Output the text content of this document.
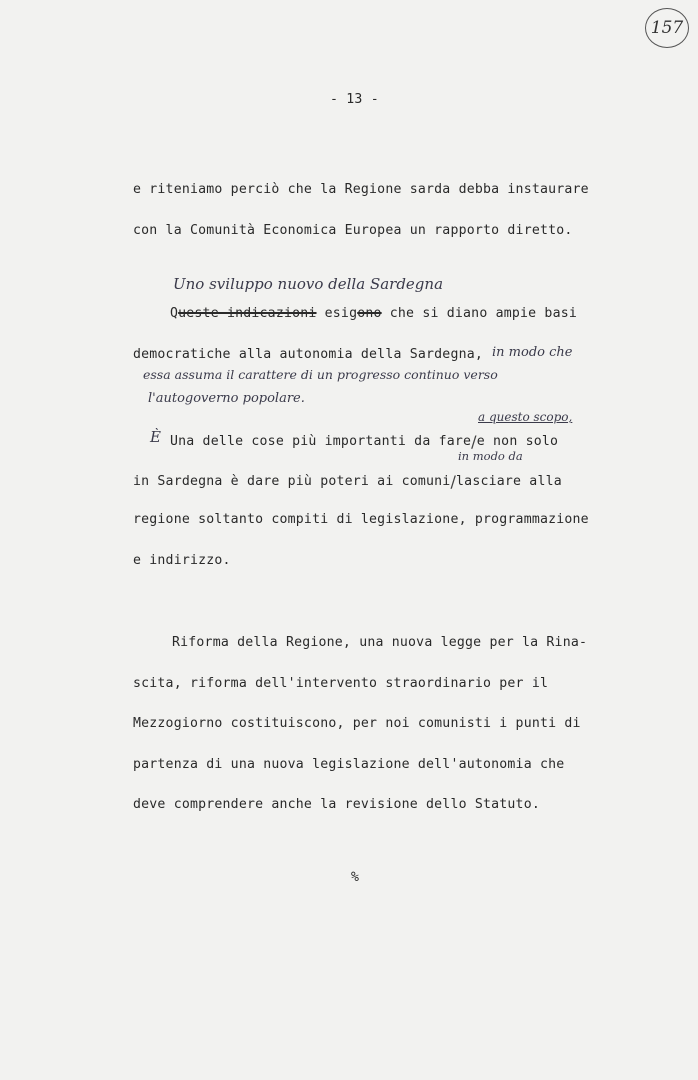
157
- 13 -
e riteniamo perciò che la Regione sarda debba instaurare
con la Comunità Economica Europea un rapporto diretto.
Uno sviluppo nuovo della Sardegna
Queste indicazioni esigono che si diano ampie basi
democratiche alla autonomia della Sardegna, in modo che
essa assuma il carattere di un progresso continuo verso
l'autogoverno popolare.
a questo scopo,
È Una delle cose più importanti da fare/e non solo
in modo da
in Sardegna è dare più poteri ai comuni/lasciare alla
regione soltanto compiti di legislazione, programmazione
e indirizzo.
Riforma della Regione, una nuova legge per la Rina-
scita, riforma dell'intervento straordinario per il
Mezzogiorno costituiscono, per noi comunisti i punti di
partenza di una nuova legislazione dell'autonomia che
deve comprendere anche la revisione dello Statuto.
%
